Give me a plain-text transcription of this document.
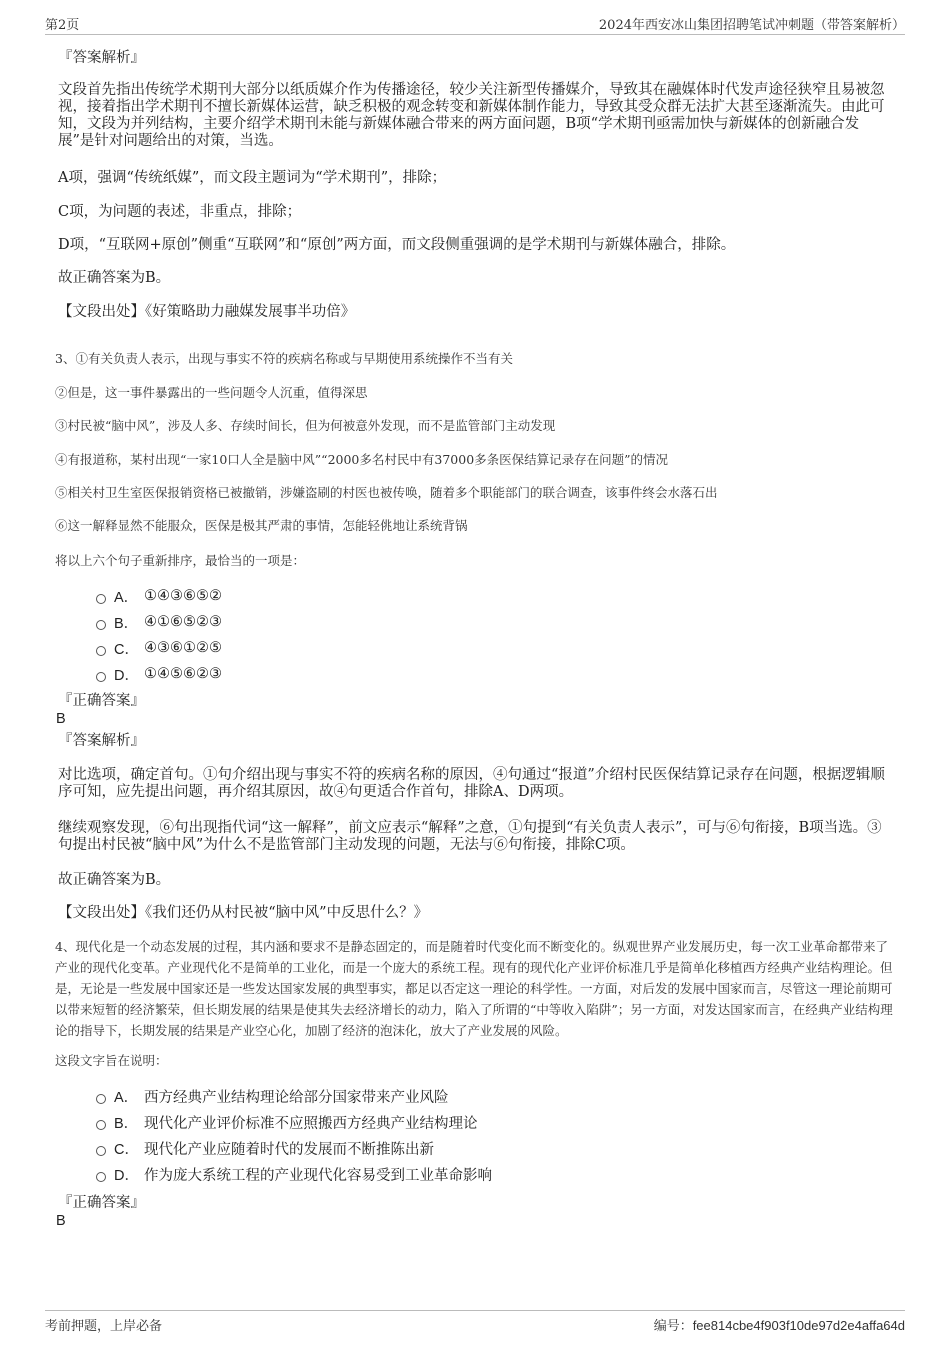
第2页	2024年西安冰山集团招聘笔试冲刺题（带答案解析）
『答案解析』

文段首先指出传统学术期刊大部分以纸质媒介作为传播途径，较少关注新型传播媒介，导致其在融媒体时代发声途径狭窄且易被忽视，接着指出学术期刊不擅长新媒体运营，缺乏积极的观念转变和新媒体制作能力，导致其受众群无法扩大甚至逐渐流失。由此可知，文段为并列结构，主要介绍学术期刊未能与新媒体融合带来的两方面问题，B项“学术期刊亟需加快与新媒体的创新融合发展”是针对问题给出的对策，当选。

A项，强调“传统纸媒”，而文段主题词为“学术期刊”，排除；

C项，为问题的表述，非重点，排除；

D项，“互联网+原创”侧重“互联网”和“原创”两方面，而文段侧重强调的是学术期刊与新媒体融合，排除。

故正确答案为B。

【文段出处】《好策略助力融媒发展事半功倍》

3、①有关负责人表示，出现与事实不符的疾病名称或与早期使用系统操作不当有关

②但是，这一事件暴露出的一些问题令人沉重，值得深思

③村民被“脑中风”，涉及人多、存续时间长，但为何被意外发现，而不是监管部门主动发现

④有报道称，某村出现“一家10口人全是脑中风”“2000多名村民中有37000多条医保结算记录存在问题”的情况

⑤相关村卫生室医保报销资格已被撤销，涉嫌盗刷的村医也被传唤，随着多个职能部门的联合调查，该事件终会水落石出

⑥这一解释显然不能服众，医保是极其严肃的事情，怎能轻佻地让系统背锅

将以上六个句子重新排序，最恰当的一项是：

A． ①④③⑥⑤②
B． ④①⑥⑤②③
C． ④③⑥①②⑤
D． ①④⑤⑥②③
『正确答案』
B
『答案解析』

对比选项，确定首句。①句介绍出现与事实不符的疾病名称的原因，④句通过“报道”介绍村民医保结算记录存在问题，根据逻辑顺序可知，应先提出问题，再介绍其原因，故④句更适合作首句，排除A、D两项。

继续观察发现，⑥句出现指代词“这一解释”，前文应表示“解释”之意，①句提到“有关负责人表示”，可与⑥句衔接，B项当选。③句提出村民被“脑中风”为什么不是监管部门主动发现的问题，无法与⑥句衔接，排除C项。

故正确答案为B。

【文段出处】《我们还仍从村民被“脑中风”中反思什么？》

4、现代化是一个动态发展的过程，其内涵和要求不是静态固定的，而是随着时代变化而不断变化的。纵观世界产业发展历史，每一次工业革命都带来了产业的现代化变革。产业现代化不是简单的工业化，而是一个庞大的系统工程。现有的现代化产业评价标准几乎是简单化移植西方经典产业结构理论。但是，无论是一些发展中国家还是一些发达国家发展的典型事实，都足以否定这一理论的科学性。一方面，对后发的发展中国家而言，尽管这一理论前期可以带来短暂的经济繁荣，但长期发展的结果是使其失去经济增长的动力，陷入了所谓的“中等收入陷阱”；另一方面，对发达国家而言，在经典产业结构理论的指导下，长期发展的结果是产业空心化，加剧了经济的泡沫化，放大了产业发展的风险。

这段文字旨在说明：

A． 西方经典产业结构理论给部分国家带来产业风险
B． 现代化产业评价标准不应照搬西方经典产业结构理论
C． 现代化产业应随着时代的发展而不断推陈出新
D． 作为庞大系统工程的产业现代化容易受到工业革命影响
『正确答案』
B
考前押题，上岸必备	编号：fee814cbe4f903f10de97d2e4affa64d
